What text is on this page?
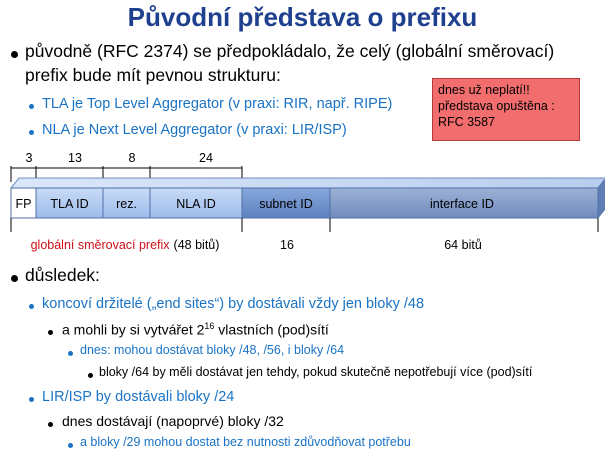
Původní představa o prefixu
původně (RFC 2374) se předpokládalo, že celý (globální směrovací)
prefix bude mít pevnou strukturu:
TLA je Top Level Aggregator (v praxi: RIR, např. RIPE)
NLA je Next Level Aggregator (v praxi: LIR/ISP)
dnes už neplatí!!
představa opuštěna :
RFC 3587
3	13	8	24
FP TLA ID rez.	NLA ID	subnet ID	interface ID
globální směrovací prefix (48 bitů)	16	64 bitů
důsledek:
koncoví držitelé („end sites“) by dostávali vždy jen bloky /48
a mohli by si vytvářet $2^{16}$ vlastních (pod)sítí
dnes: mohou dostávat bloky /48, /56, i bloky /64
bloky /64 by měli dostávat jen tehdy, pokud skutečně nepotřebují více (pod)sítí
LIR/ISP by dostávali bloky /24
dnes dostávají (napoprvé) bloky /32
a bloky /29 mohou dostat bez nutnosti zdůvodňovat potřebu
